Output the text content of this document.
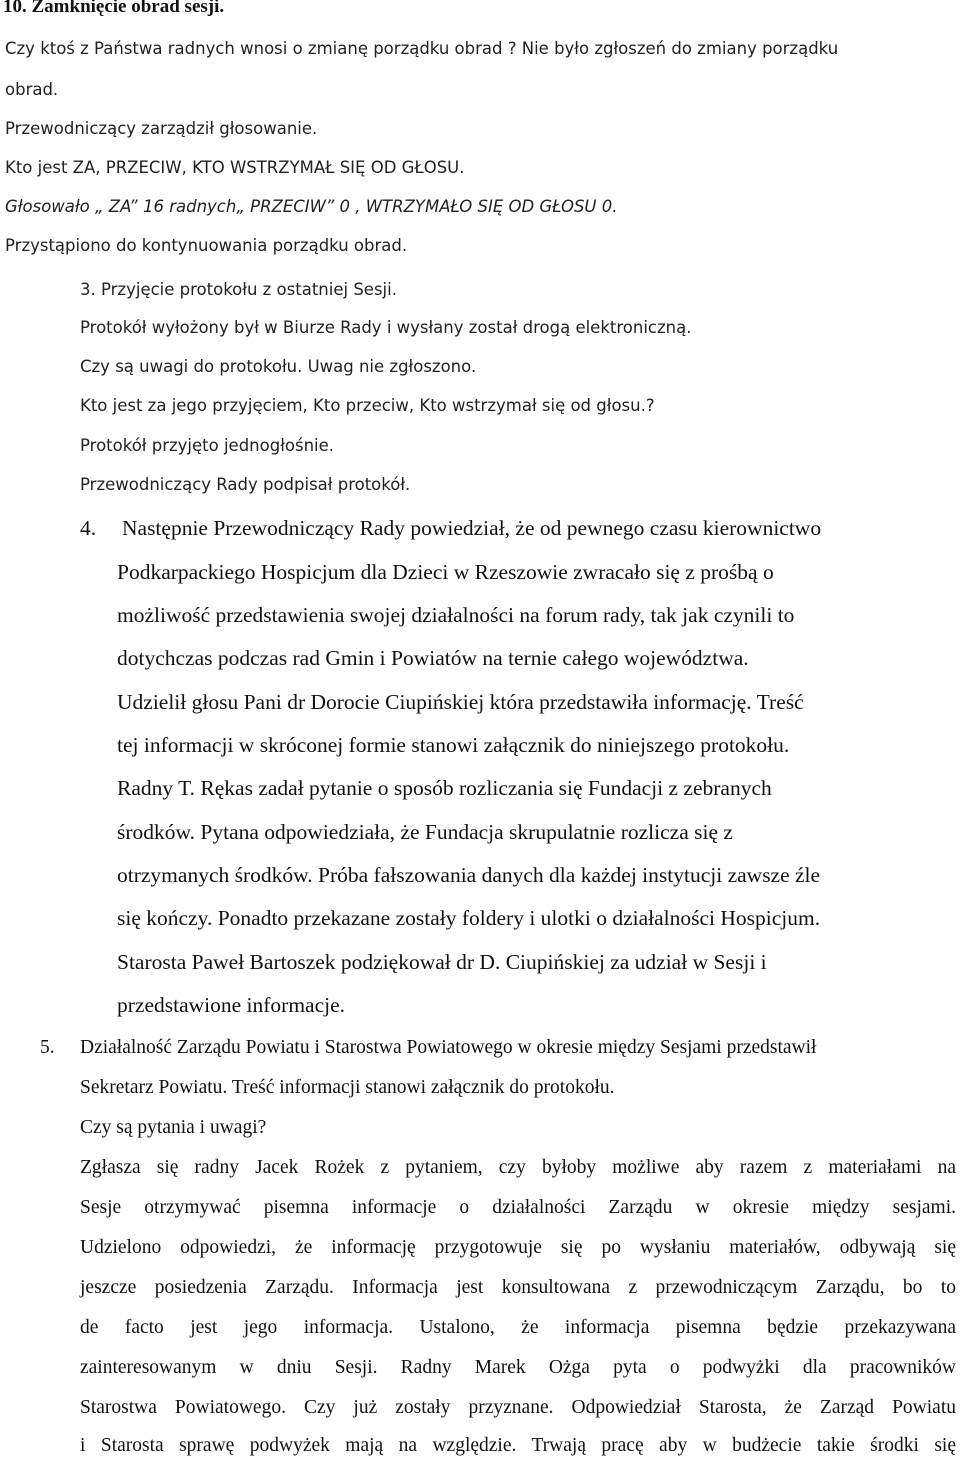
10. Zamknięcie obrad sesji.
Czy ktoś z Państwa radnych wnosi o zmianę porządku obrad ? Nie było zgłoszeń do zmiany porządku
obrad.
Przewodniczący zarządził głosowanie.
Kto jest ZA, PRZECIW, KTO WSTRZYMAŁ SIĘ OD GŁOSU.
Głosowało „ ZA” 16 radnych„ PRZECIW” 0 , WTRZYMAŁO SIĘ OD GŁOSU 0.
Przystąpiono do kontynuowania porządku obrad.
3. Przyjęcie protokołu z ostatniej Sesji.
Protokół wyłożony był w Biurze Rady i wysłany został drogą elektroniczną.
Czy są uwagi do protokołu. Uwag nie zgłoszono.
Kto jest za jego przyjęciem, Kto przeciw, Kto wstrzymał się od głosu.?
Protokół przyjęto jednogłośnie.
Przewodniczący Rady podpisał protokół.
4. Następnie Przewodniczący Rady powiedział, że od pewnego czasu kierownictwo
Podkarpackiego Hospicjum dla Dzieci w Rzeszowie zwracało się z prośbą o
możliwość przedstawienia swojej działalności na forum rady, tak jak czynili to
dotychczas podczas rad Gmin i Powiatów na ternie całego województwa.
Udzielił głosu Pani dr Dorocie Ciupińskiej która przedstawiła informację. Treść
tej informacji w skróconej formie stanowi załącznik do niniejszego protokołu.
Radny T. Rękas zadał pytanie o sposób rozliczania się Fundacji z zebranych
środków. Pytana odpowiedziała, że Fundacja skrupulatnie rozlicza się z
otrzymanych środków. Próba fałszowania danych dla każdej instytucji zawsze źle
się kończy. Ponadto przekazane zostały foldery i ulotki o działalności Hospicjum.
Starosta Paweł Bartoszek podziękował dr D. Ciupińskiej za udział w Sesji i
przedstawione informacje.
5. Działalność Zarządu Powiatu i Starostwa Powiatowego w okresie między Sesjami przedstawił
Sekretarz Powiatu. Treść informacji stanowi załącznik do protokołu.
Czy są pytania i uwagi?
Zgłasza się radny Jacek Rożek z pytaniem, czy byłoby możliwe aby razem z materiałami na
Sesje otrzymywać pisemna informacje o działalności Zarządu w okresie między sesjami.
Udzielono odpowiedzi, że informację przygotowuje się po wysłaniu materiałów, odbywają się
jeszcze posiedzenia Zarządu. Informacja jest konsultowana z przewodniczącym Zarządu, bo to
de facto jest jego informacja. Ustalono, że informacja pisemna będzie przekazywana
zainteresowanym w dniu Sesji. Radny Marek Ożga pyta o podwyżki dla pracowników
Starostwa Powiatowego. Czy już zostały przyznane. Odpowiedział Starosta, że Zarząd Powiatu
i Starosta sprawę podwyżek mają na względzie. Trwają pracę aby w budżecie takie środki się
